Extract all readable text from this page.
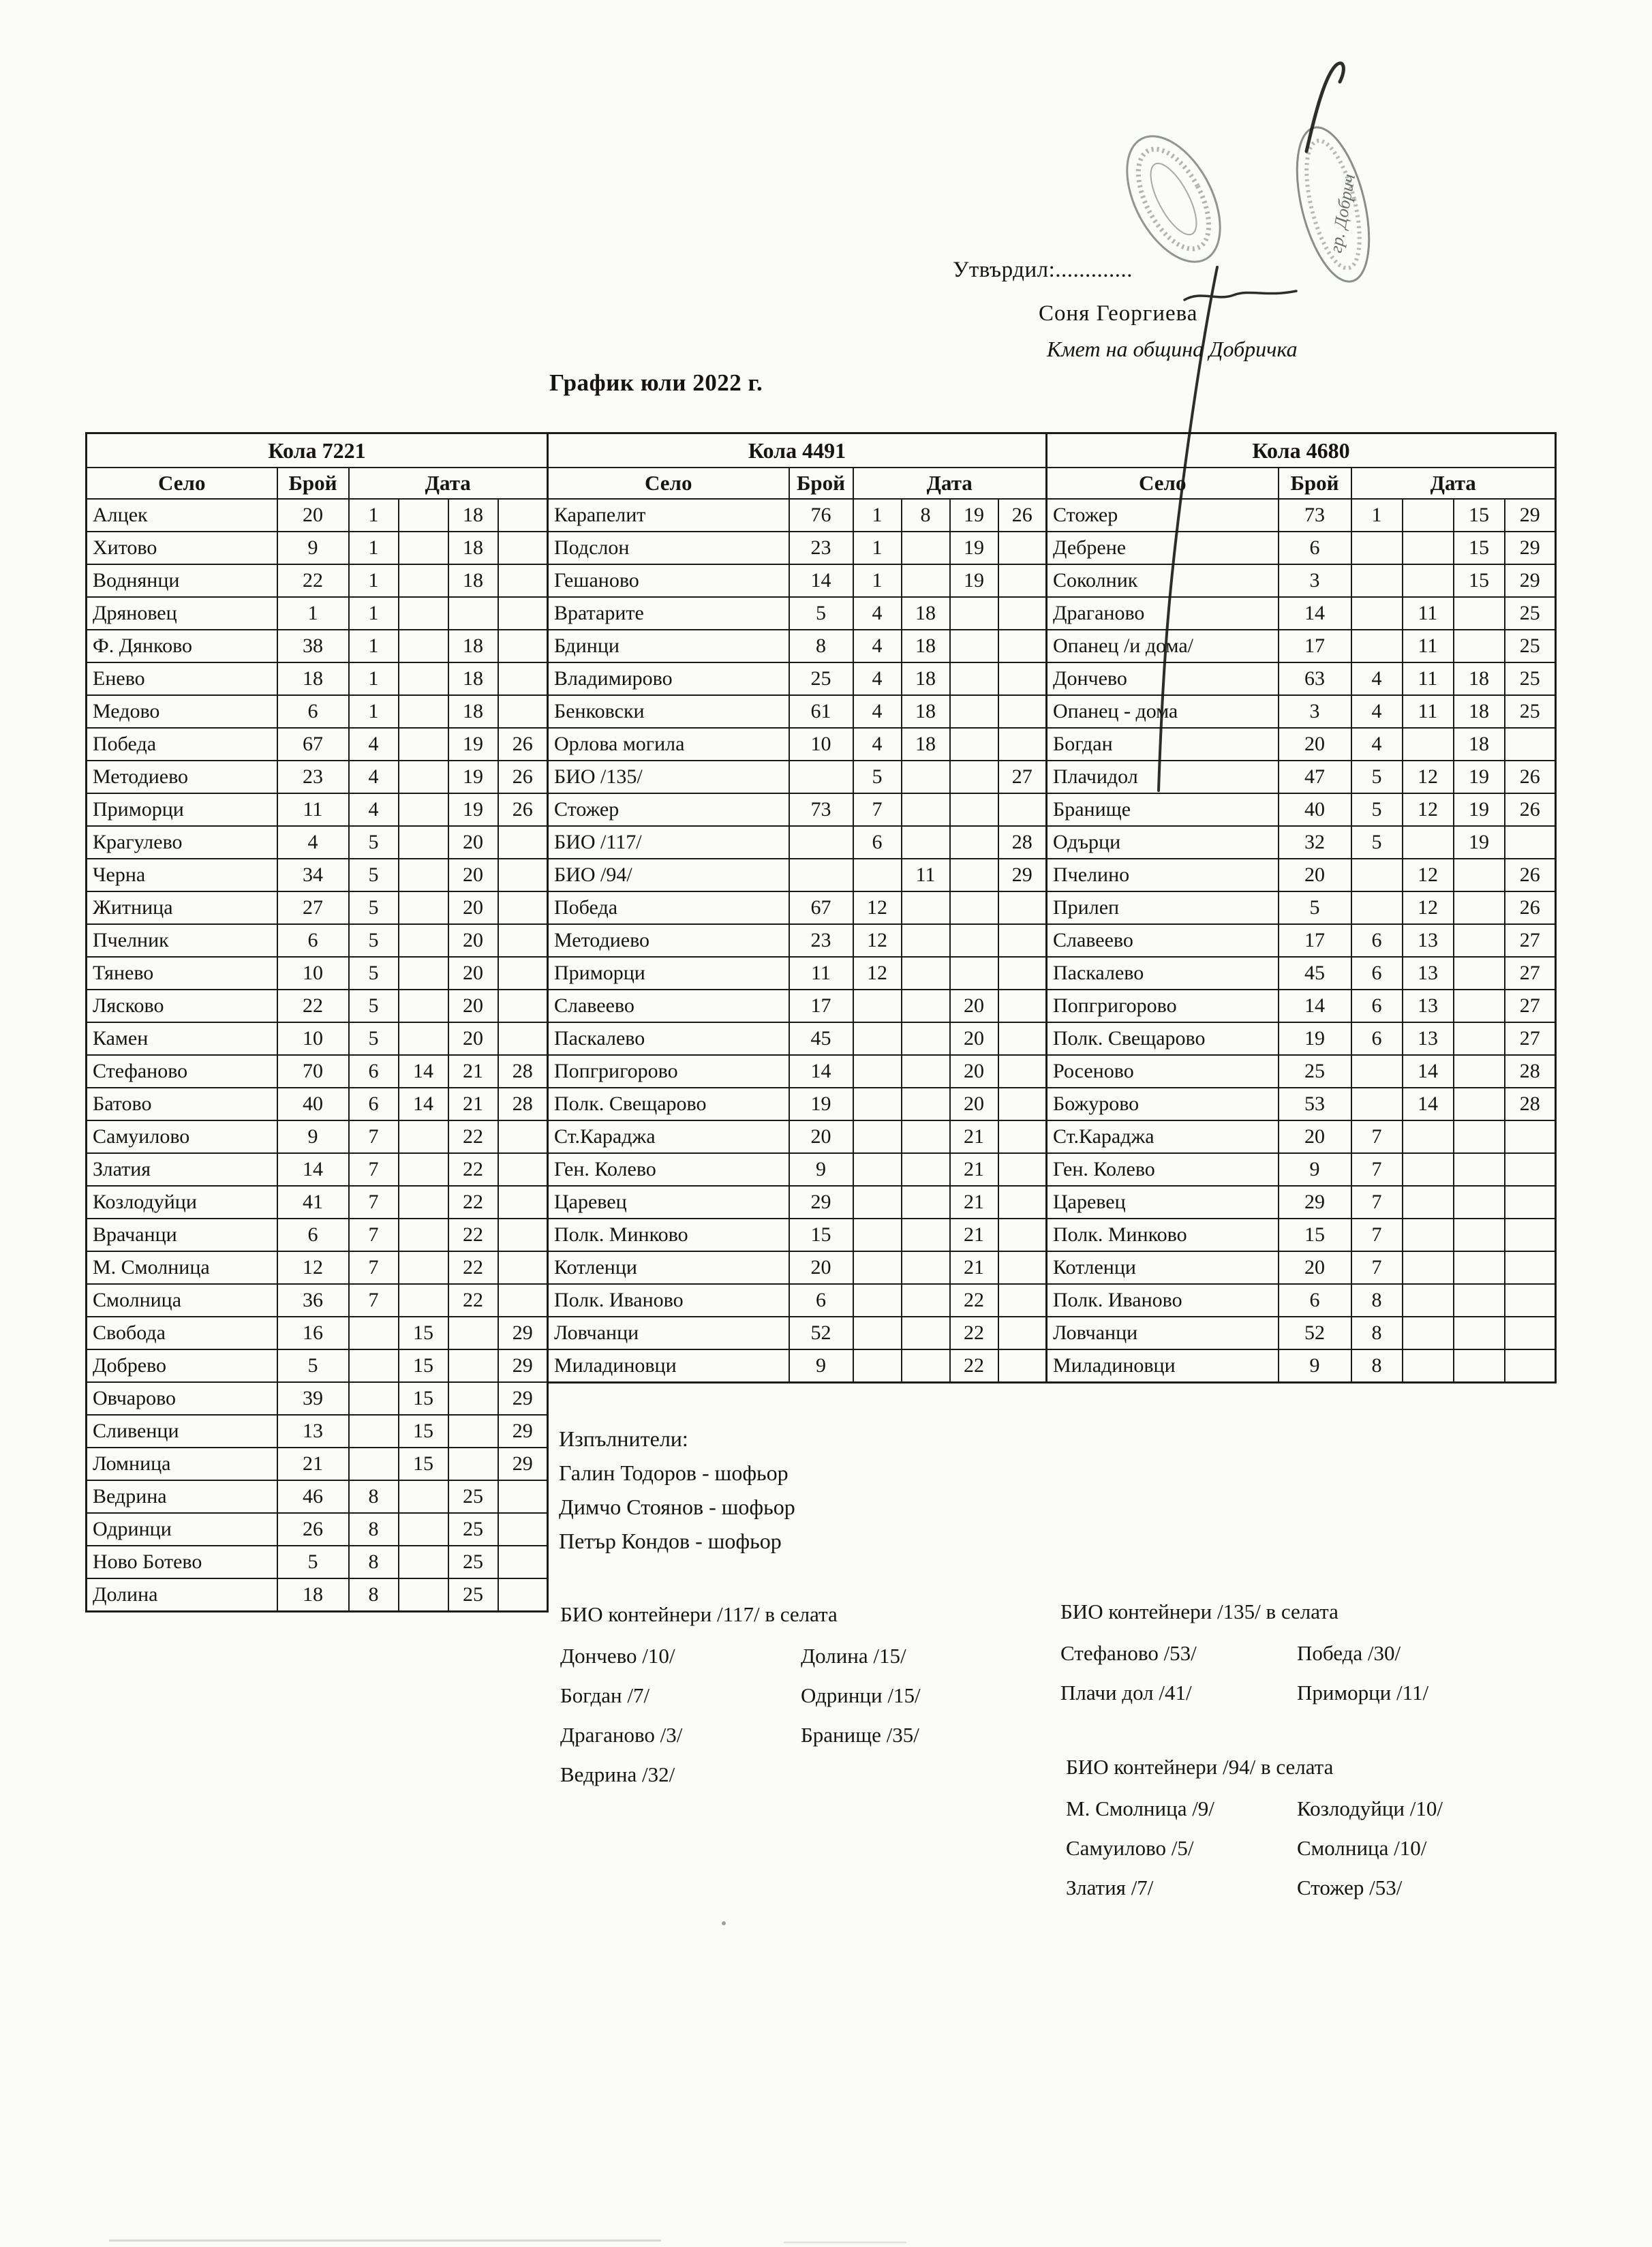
Утвърдил:.............
Соня Георгиева
Кмет на община Добричка
График юли 2022 г.
Кола 7221					
Село	Брой	Дата			
Алцек	20	1		18	
Хитово	9	1		18	
Воднянци	22	1		18	
Дряновец	1	1			
Ф. Дянково	38	1		18	
Енево	18	1		18	
Медово	6	1		18	
Победа	67	4		19	26
Методиево	23	4		19	26
Приморци	11	4		19	26
Крагулево	4	5		20	
Черна	34	5		20	
Житница	27	5		20	
Пчелник	6	5		20	
Тянево	10	5		20	
Лясково	22	5		20	
Камен	10	5		20	
Стефаново	70	6	14	21	28
Батово	40	6	14	21	28
Самуилово	9	7		22	
Златия	14	7		22	
Козлодуйци	41	7		22	
Врачанци	6	7		22	
М. Смолница	12	7		22	
Смолница	36	7		22	
Свобода	16		15		29
Добрево	5		15		29
Овчарово	39		15		29
Сливенци	13		15		29
Ломница	21		15		29
Ведрина	46	8		25	
Одринци	26	8		25	
Ново Ботево	5	8		25	
Долина	18	8		25	
Кола 4491					
Село	Брой	Дата			
Карапелит	76	1	8	19	26
Подслон	23	1		19	
Гешаново	14	1		19	
Вратарите	5	4	18		
Бдинци	8	4	18		
Владимирово	25	4	18		
Бенковски	61	4	18		
Орлова могила	10	4	18		
БИО /135/		5			27
Стожер	73	7			
БИО /117/		6			28
БИО /94/			11		29
Победа	67	12			
Методиево	23	12			
Приморци	11	12			
Славеево	17			20	
Паскалево	45			20	
Попгригорово	14			20	
Полк. Свещарово	19			20	
Ст.Караджа	20			21	
Ген. Колево	9			21	
Царевец	29			21	
Полк. Минково	15			21	
Котленци	20			21	
Полк. Иваново	6			22	
Ловчанци	52			22	
Миладиновци	9			22	
Кола 4680					
Село	Брой	Дата			
Стожер	73	1		15	29
Дебрене	6			15	29
Соколник	3			15	29
Драганово	14		11		25
Опанец /и дома/	17		11		25
Дончево	63	4	11	18	25
Опанец - дома	3	4	11	18	25
Богдан	20	4		18	
Плачидол	47	5	12	19	26
Бранище	40	5	12	19	26
Одърци	32	5		19	
Пчелино	20		12		26
Прилеп	5		12		26
Славеево	17	6	13		27
Паскалево	45	6	13		27
Попгригорово	14	6	13		27
Полк. Свещарово	19	6	13		27
Росеново	25		14		28
Божурово	53		14		28
Ст.Караджа	20	7			
Ген. Колево	9	7			
Царевец	29	7			
Полк. Минково	15	7			
Котленци	20	7			
Полк. Иваново	6	8			
Ловчанци	52	8			
Миладиновци	9	8			
Изпълнители:
Галин Тодоров - шофьор
Димчо Стоянов - шофьор
Петър Кондов - шофьор
БИО контейнери /117/ в селата
Дончево /10/	Долина /15/
Богдан /7/	Одринци /15/
Драганово /3/	Бранище /35/
Ведрина /32/
БИО контейнери /135/ в селата
Стефаново /53/	Победа /30/
Плачи дол /41/	Приморци /11/
БИО контейнери /94/ в селата
М. Смолница /9/	Козлодуйци /10/
Самуилово /5/	Смолница /10/
Златия /7/	Стожер /53/
гр. Добрич
